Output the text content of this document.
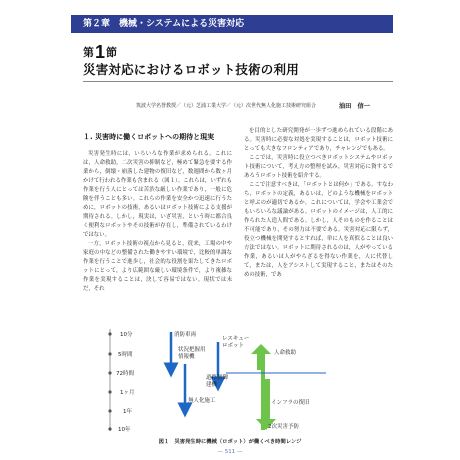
第２章　機械・システムによる災害対応
第1節
災害対応におけるロボット技術の利用
筑波大学名誉教授／（元）芝浦工業大学／（元）次世代無人化施工技術研究組合	油田　信一
１. 災害時に働くロボットへの期待と現実

災害発生時には，いろいろな作業が求められる。これには，人命救助，二次災害の抑制など，極めて緊急を要する作業から，倒壊・崩落した建物の復旧など，数週間から数ヶ月かけて行われる作業も含まれる（図１）。これらは，いずれも作業を行う人にとっては苦渋な厳しい作業であり，一般に危険を伴うことも多い。これらの作業を安全かつ迅速に行うために，ロボットの技術，あるいはロボット技術による支援が期待される。しかし，現実は，いざ災害，という時に都合良く便利なロボットやその技術が存在し，準備されているわけではない。

一方，ロボット技術の視点から見ると，従来，工場の中や家庭の中などの整備された働きやすい環境で，比較的単調な作業を行うことで進歩し，社会的な役割を果たしてきたロボットにとって，より広範囲な厳しい環境条件で，より複雑な作業を実現することは，決して容易ではない。現状では未だ，それ

を目的とした研究開発が一歩ずつ進められている段階にある。災害時に必要な対処を実現することは，ロボット技術にとっても大きなフロンティアであり，チャレンジでもある。

ここでは，災害時に役立つべきロボットシステムやロボット技術について，考え方の整理を試み，災害対応に資するであろうロボット技術を紹介する。

ここで注意すべきは，「ロボットとは何か」である。すなわち，ロボットの定義，あるいは，どのような機械をロボットと呼ぶのが適切であるか。これについては，学会や工業会でもいろいろな議論がある。ロボットのイメージは，人工的に作られた人造人間である。しかし，人そのものを作ることは不可能であり，その努力は不要である。災害対応に限らず，役立つ機械を開発するとすれば，単に人を真似ることは良い方法ではない。ロボットに期待されるのは，人がやっている作業，あるいは人がやらざるを得ない作業を，人に代替して，または，人をアシストして実現すること，またはそのための技術，であ

10分
5時間
72時間
1ヶ月
1年
10年
消防車両
状況把握用
情報機
レスキュー
ロボット
道路制御
建機
無人化施工
人命救助
インフラの復旧
2次災害予防
図１　災害発生時に機械（ロボット）が働くべき時間レンジ
— 511 —
